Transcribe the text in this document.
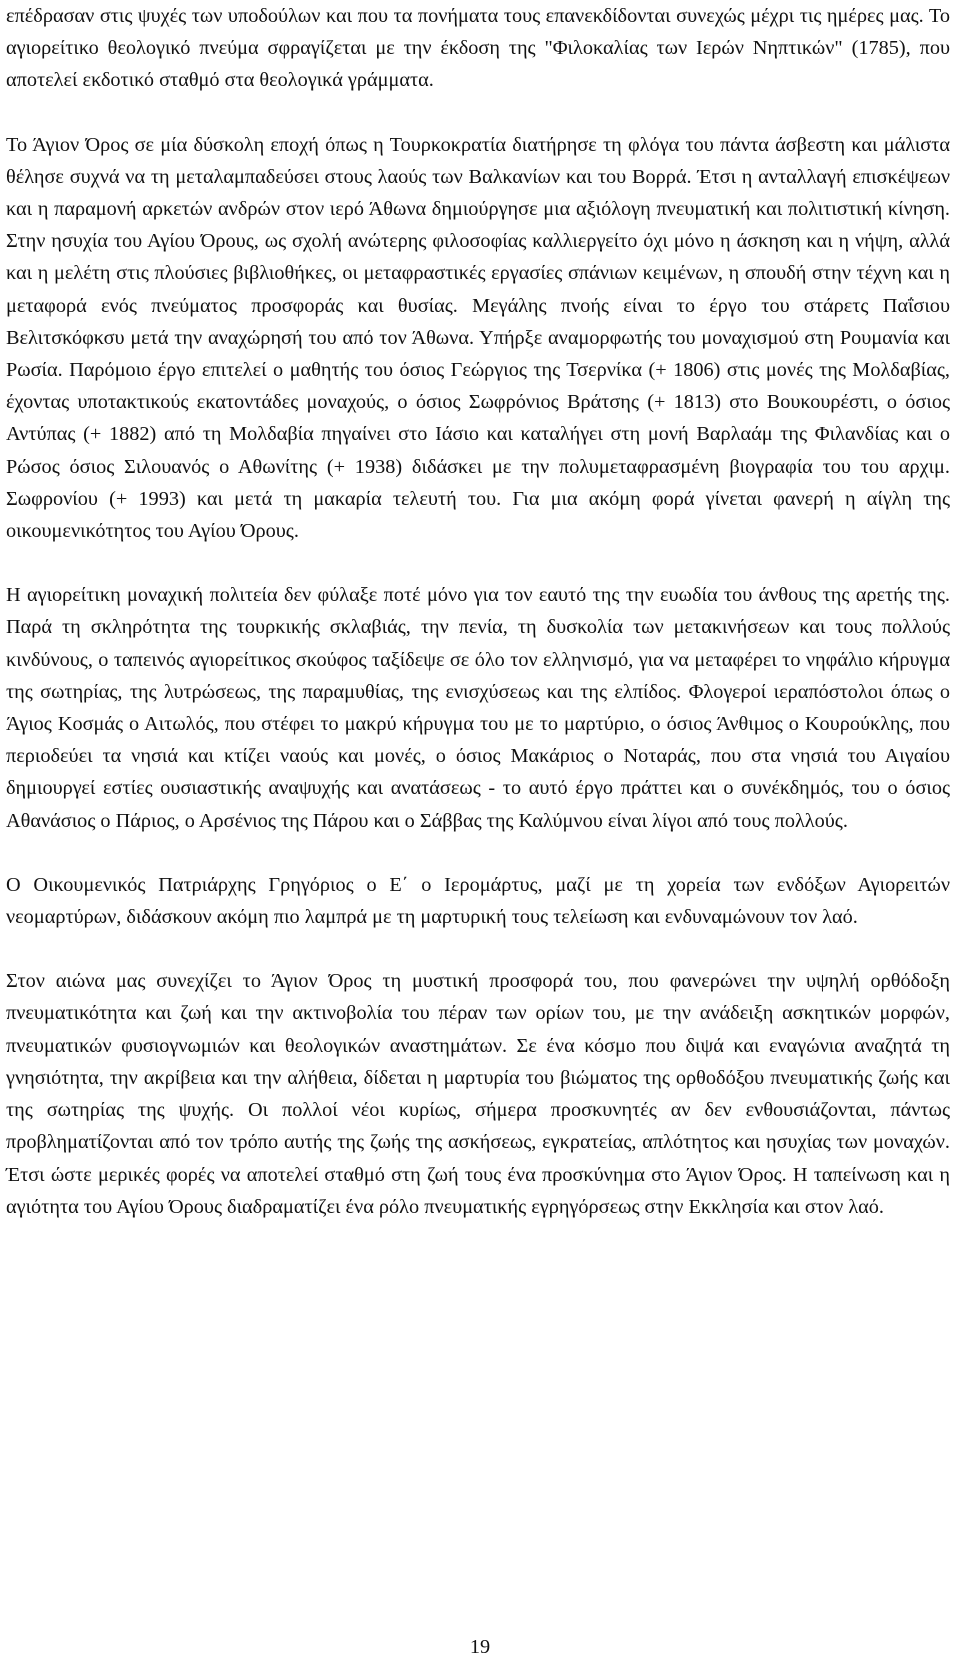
επέδρασαν στις ψυχές των υποδούλων και που τα πονήματα τους επανεκδίδονται συνεχώς μέχρι τις ημέρες μας. Το αγιορείτικο θεολογικό πνεύμα σφραγίζεται με την έκδοση της "Φιλοκαλίας των Ιερών Νηπτικών" (1785), που αποτελεί εκδοτικό σταθμό στα θεολογικά γράμματα.

Το Άγιον Όρος σε μία δύσκολη εποχή όπως η Τουρκοκρατία διατήρησε τη φλόγα του πάντα άσβεστη και μάλιστα θέλησε συχνά να τη μεταλαμπαδεύσει στους λαούς των Βαλκανίων και του Βορρά. Έτσι η ανταλλαγή επισκέψεων και η παραμονή αρκετών ανδρών στον ιερό Άθωνα δημιούργησε μια αξιόλογη πνευματική και πολιτιστική κίνηση. Στην ησυχία του Αγίου Όρους, ως σχολή ανώτερης φιλοσοφίας καλλιεργείτο όχι μόνο η άσκηση και η νήψη, αλλά και η μελέτη στις πλούσιες βιβλιοθήκες, οι μεταφραστικές εργασίες σπάνιων κειμένων, η σπουδή στην τέχνη και η μεταφορά ενός πνεύματος προσφοράς και θυσίας. Μεγάλης πνοής είναι το έργο του στάρετς Παΐσιου Βελιτσκόφκσυ μετά την αναχώρησή του από τον Άθωνα. Υπήρξε αναμορφωτής του μοναχισμού στη Ρουμανία και Ρωσία. Παρόμοιο έργο επιτελεί ο μαθητής του όσιος Γεώργιος της Τσερνίκα (+ 1806) στις μονές της Μολδαβίας, έχοντας υποτακτικούς εκατοντάδες μοναχούς, ο όσιος Σωφρόνιος Βράτσης (+ 1813) στο Βουκουρέστι, ο όσιος Αντύπας (+ 1882) από τη Μολδαβία πηγαίνει στο Ιάσιο και καταλήγει στη μονή Βαρλαάμ της Φιλανδίας και ο Ρώσος όσιος Σιλουανός ο Αθωνίτης (+ 1938) διδάσκει με την πολυμεταφρασμένη βιογραφία του του αρχιμ. Σωφρονίου (+ 1993) και μετά τη μακαρία τελευτή του. Για μια ακόμη φορά γίνεται φανερή η αίγλη της οικουμενικότητος του Αγίου Όρους.

Η αγιορείτικη μοναχική πολιτεία δεν φύλαξε ποτέ μόνο για τον εαυτό της την ευωδία του άνθους της αρετής της. Παρά τη σκληρότητα της τουρκικής σκλαβιάς, την πενία, τη δυσκολία των μετακινήσεων και τους πολλούς κινδύνους, ο ταπεινός αγιορείτικος σκούφος ταξίδεψε σε όλο τον ελληνισμό, για να μεταφέρει το νηφάλιο κήρυγμα της σωτηρίας, της λυτρώσεως, της παραμυθίας, της ενισχύσεως και της ελπίδος. Φλογεροί ιεραπόστολοι όπως ο Άγιος Κοσμάς ο Αιτωλός, που στέφει το μακρύ κήρυγμα του με το μαρτύριο, ο όσιος Άνθιμος ο Κουρούκλης, που περιοδεύει τα νησιά και κτίζει ναούς και μονές, ο όσιος Μακάριος ο Νοταράς, που στα νησιά του Αιγαίου δημιουργεί εστίες ουσιαστικής αναψυχής και ανατάσεως - το αυτό έργο πράττει και ο συνέκδημός, του ο όσιος Αθανάσιος ο Πάριος, ο Αρσένιος της Πάρου και ο Σάββας της Καλύμνου είναι λίγοι από τους πολλούς.

Ο Οικουμενικός Πατριάρχης Γρηγόριος ο Ε΄ ο Ιερομάρτυς, μαζί με τη χορεία των ενδόξων Αγιορειτών νεομαρτύρων, διδάσκουν ακόμη πιο λαμπρά με τη μαρτυρική τους τελείωση και ενδυναμώνουν τον λαό.

Στον αιώνα μας συνεχίζει το Άγιον Όρος τη μυστική προσφορά του, που φανερώνει την υψηλή ορθόδοξη πνευματικότητα και ζωή και την ακτινοβολία του πέραν των ορίων του, με την ανάδειξη ασκητικών μορφών, πνευματικών φυσιογνωμιών και θεολογικών αναστημάτων. Σε ένα κόσμο που διψά και εναγώνια αναζητά τη γνησιότητα, την ακρίβεια και την αλήθεια, δίδεται η μαρτυρία του βιώματος της ορθοδόξου πνευματικής ζωής και της σωτηρίας της ψυχής. Οι πολλοί νέοι κυρίως, σήμερα προσκυνητές αν δεν ενθουσιάζονται, πάντως προβληματίζονται από τον τρόπο αυτής της ζωής της ασκήσεως, εγκρατείας, απλότητος και ησυχίας των μοναχών. Έτσι ώστε μερικές φορές να αποτελεί σταθμό στη ζωή τους ένα προσκύνημα στο Άγιον Όρος. Η ταπείνωση και η αγιότητα του Αγίου Όρους διαδραματίζει ένα ρόλο πνευματικής εγρηγόρσεως στην Εκκλησία και στον λαό.

19
